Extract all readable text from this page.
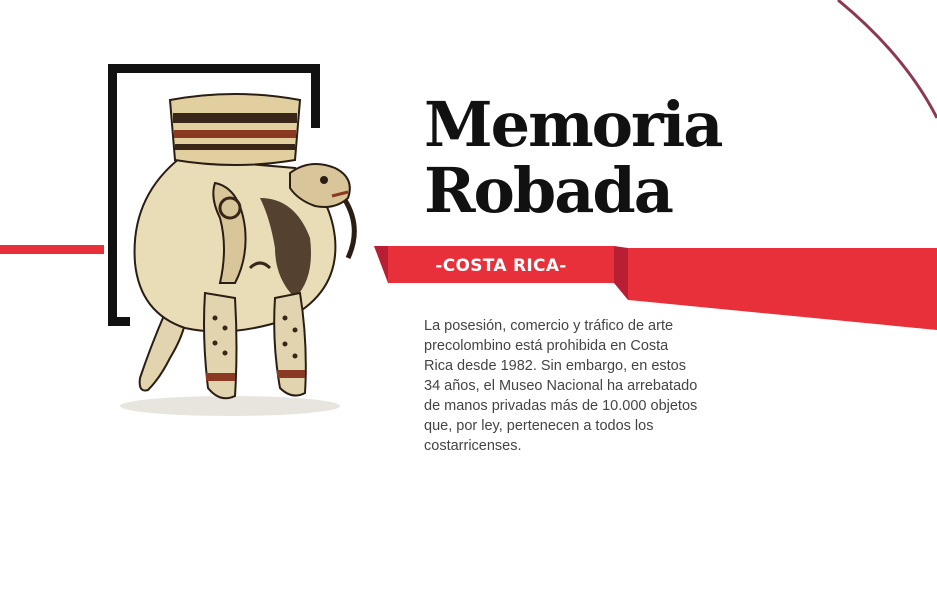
Memoria
Robada
-COSTA RICA-

La posesión, comercio y tráfico de arte precolombino está prohibida en Costa Rica desde 1982. Sin embargo, en estos 34 años, el Museo Nacional ha arrebatado de manos privadas más de 10.000 objetos que, por ley, pertenecen a todos los costarricenses.
